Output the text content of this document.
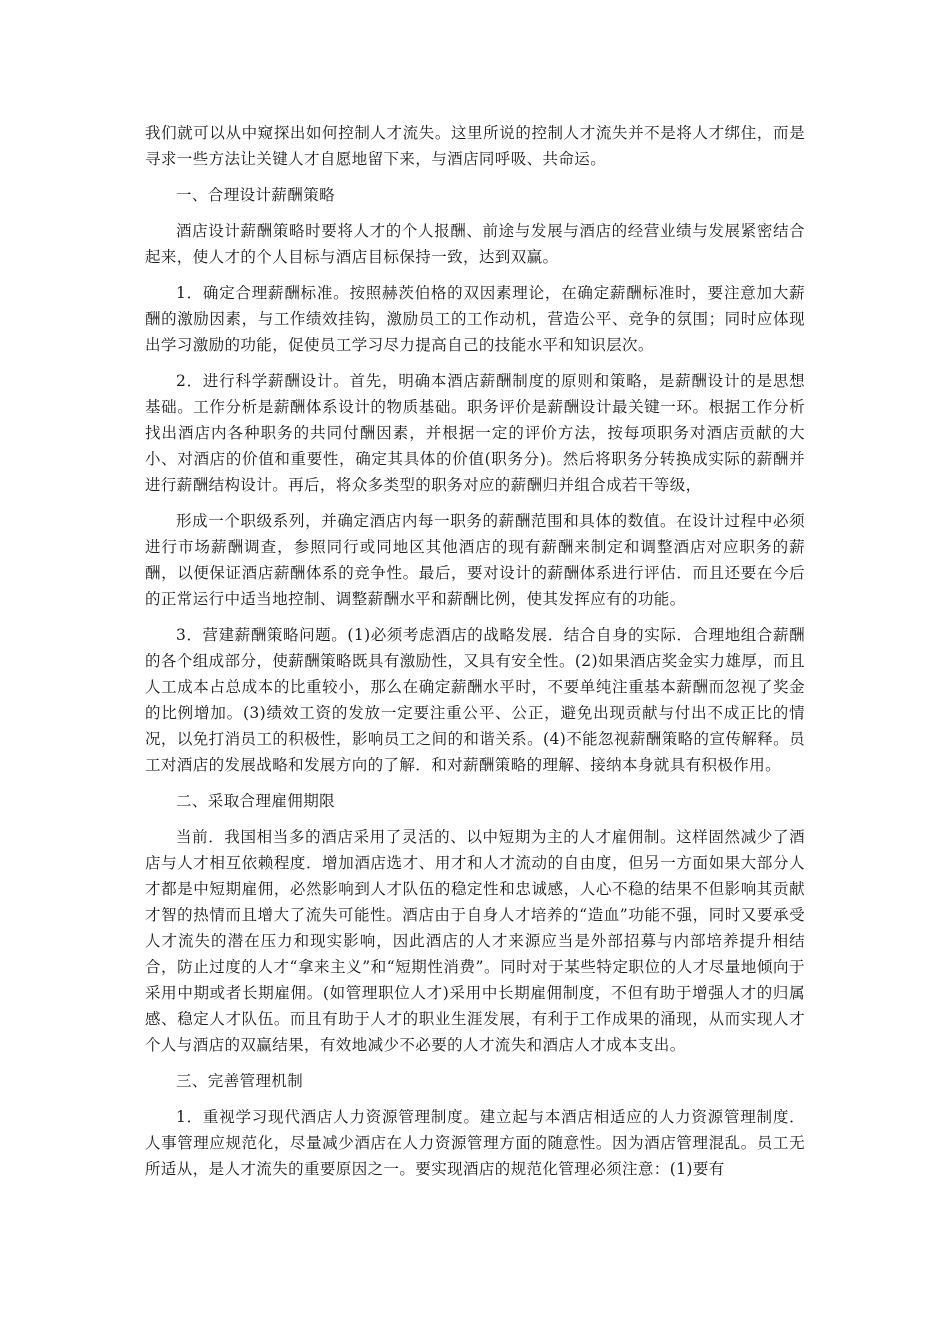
我们就可以从中窥探出如何控制人才流失。这里所说的控制人才流失并不是将人才绑住，而是寻求一些方法让关键人才自愿地留下来，与酒店同呼吸、共命运。

一、合理设计薪酬策略

酒店设计薪酬策略时要将人才的个人报酬、前途与发展与酒店的经营业绩与发展紧密结合起来，使人才的个人目标与酒店目标保持一致，达到双赢。

1．确定合理薪酬标准。按照赫茨伯格的双因素理论，在确定薪酬标准时，要注意加大薪酬的激励因素，与工作绩效挂钩，激励员工的工作动机，营造公平、竞争的氛围；同时应体现出学习激励的功能，促使员工学习尽力提高自己的技能水平和知识层次。

2．进行科学薪酬设计。首先，明确本酒店薪酬制度的原则和策略，是薪酬设计的是思想基础。工作分析是薪酬体系设计的物质基础。职务评价是薪酬设计最关键一环。根据工作分析找出酒店内各种职务的共同付酬因素，并根据一定的评价方法，按每项职务对酒店贡献的大小、对酒店的价值和重要性，确定其具体的价值(职务分)。然后将职务分转换成实际的薪酬并进行薪酬结构设计。再后，将众多类型的职务对应的薪酬归并组合成若干等级，

形成一个职级系列，并确定酒店内每一职务的薪酬范围和具体的数值。在设计过程中必须进行市场薪酬调查，参照同行或同地区其他酒店的现有薪酬来制定和调整酒店对应职务的薪酬，以便保证酒店薪酬体系的竞争性。最后，要对设计的薪酬体系进行评估．而且还要在今后的正常运行中适当地控制、调整薪酬水平和薪酬比例，使其发挥应有的功能。

3．营建薪酬策略问题。(1)必须考虑酒店的战略发展．结合自身的实际．合理地组合薪酬的各个组成部分，使薪酬策略既具有激励性，又具有安全性。(2)如果酒店奖金实力雄厚，而且人工成本占总成本的比重较小，那么在确定薪酬水平时，不要单纯注重基本薪酬而忽视了奖金的比例增加。(3)绩效工资的发放一定要注重公平、公正，避免出现贡献与付出不成正比的情况，以免打消员工的积极性，影响员工之间的和谐关系。(4)不能忽视薪酬策略的宣传解释。员工对酒店的发展战略和发展方向的了解．和对薪酬策略的理解、接纳本身就具有积极作用。

二、采取合理雇佣期限

当前．我国相当多的酒店采用了灵活的、以中短期为主的人才雇佣制。这样固然减少了酒店与人才相互依赖程度．增加酒店选才、用才和人才流动的自由度，但另一方面如果大部分人才都是中短期雇佣，必然影响到人才队伍的稳定性和忠诚感，人心不稳的结果不但影响其贡献才智的热情而且增大了流失可能性。酒店由于自身人才培养的“造血”功能不强，同时又要承受人才流失的潜在压力和现实影响，因此酒店的人才来源应当是外部招募与内部培养提升相结合，防止过度的人才“拿来主义”和“短期性消费”。同时对于某些特定职位的人才尽量地倾向于采用中期或者长期雇佣。(如管理职位人才)采用中长期雇佣制度，不但有助于增强人才的归属感、稳定人才队伍。而且有助于人才的职业生涯发展，有利于工作成果的涌现，从而实现人才个人与酒店的双赢结果，有效地减少不必要的人才流失和酒店人才成本支出。

三、完善管理机制

1．重视学习现代酒店人力资源管理制度。建立起与本酒店相适应的人力资源管理制度．人事管理应规范化，尽量减少酒店在人力资源管理方面的随意性。因为酒店管理混乱。员工无所适从，是人才流失的重要原因之一。要实现酒店的规范化管理必须注意：(1)要有
